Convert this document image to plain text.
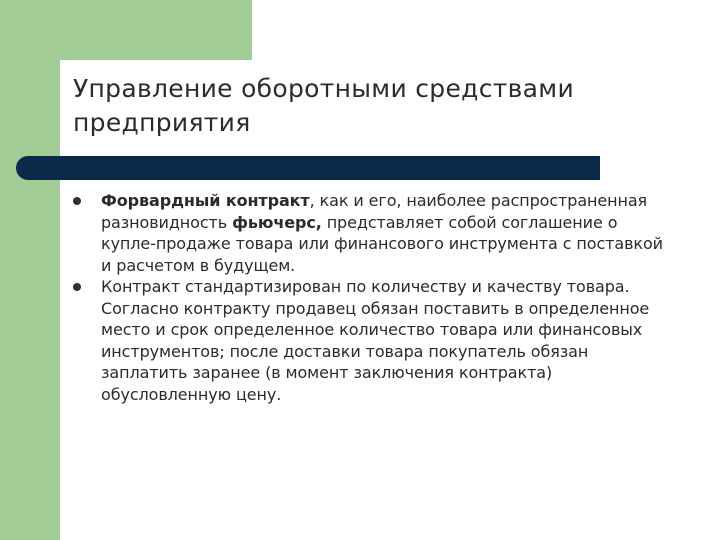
Управление оборотными средствами предприятия
Форвардный контракт, как и его, наиболее распространенная разновидность фьючерс, представляет собой соглашение о купле-продаже товара или финансового инструмента с поставкой и расчетом в будущем.
Контракт стандартизирован по количеству и качеству товара. Согласно контракту продавец обязан поставить в определенное место и срок определенное количество товара или финансовых инструментов; после доставки товара покупатель обязан заплатить заранее (в момент заключения контракта) обусловленную цену.
